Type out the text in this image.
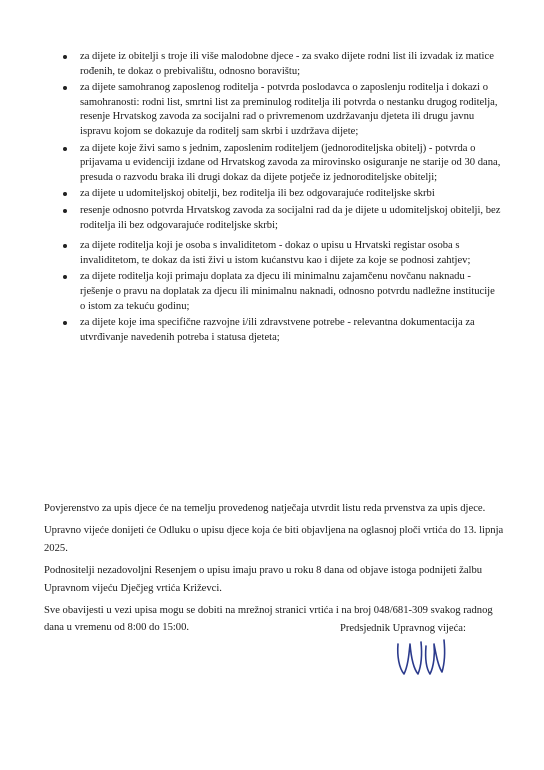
za dijete iz obitelji s troje ili više malodobne djece - za svako dijete rodni list ili izvadak iz matice rođenih, te dokaz o prebivalištu, odnosno boravištu;
za dijete samohranog zaposlenog roditelja - potvrda poslodavca o zaposlenju roditelja i dokazi o samohranosti: rodni list, smrtni list za preminulog roditelja ili potvrda o nestanku drugog roditelja, resenje Hrvatskog zavoda za socijalni rad o privremenom uzdržavanju djeteta ili drugu javnu ispravu kojom se dokazuje da roditelj sam skrbi i uzdržava dijete;
za dijete koje živi samo s jednim, zaposlenim roditeljem (jednoroditeljska obitelj) - potvrda o prijavama u evidenciji izdane od Hrvatskog zavoda za mirovinsko osiguranje ne starije od 30 dana, presuda o razvodu braka ili drugi dokaz da dijete potječe iz jednoroditeljske obitelji;
za dijete u udomiteljskoj obitelji, bez roditelja ili bez odgovarajuće roditeljske skrbi
resenje odnosno potvrda Hrvatskog zavoda za socijalni rad da je dijete u udomiteljskoj obitelji, bez roditelja ili bez odgovarajuće roditeljske skrbi;
za dijete roditelja koji je osoba s invaliditetom - dokaz o upisu u Hrvatski registar osoba s invaliditetom, te dokaz da isti živi u istom kućanstvu kao i dijete za koje se podnosi zahtjev;
za dijete roditelja koji primaju doplata za djecu ili minimalnu zajamčenu novčanu naknadu - rješenje o pravu na doplatak za djecu ili minimalnu naknadi, odnosno potvrdu nadležne institucije o istom za tekuću godinu;
za dijete koje ima specifične razvojne i/ili zdravstvene potrebe - relevantna dokumentacija za utvrđivanje navedenih potreba i statusa djeteta;

Povjerenstvo za upis djece će na temelju provedenog natječaja utvrdit listu reda prvenstva za upis djece.

Upravno vijeće donijeti će Odluku o upisu djece koja će biti objavljena na oglasnoj ploči vrtića do 13. lipnja 2025.

Podnositelji nezadovoljni Resenjem o upisu imaju pravo u roku 8 dana od objave istoga podnijeti žalbu Upravnom vijeću Dječjeg vrtića Križevci.

Sve obavijesti u vezi upisa mogu se dobiti na mrežnoj stranici vrtića i na broj 048/681-309 svakog radnog dana u vremenu od 8:00 do 15:00.	Predsjednik Upravnog vijeća:
